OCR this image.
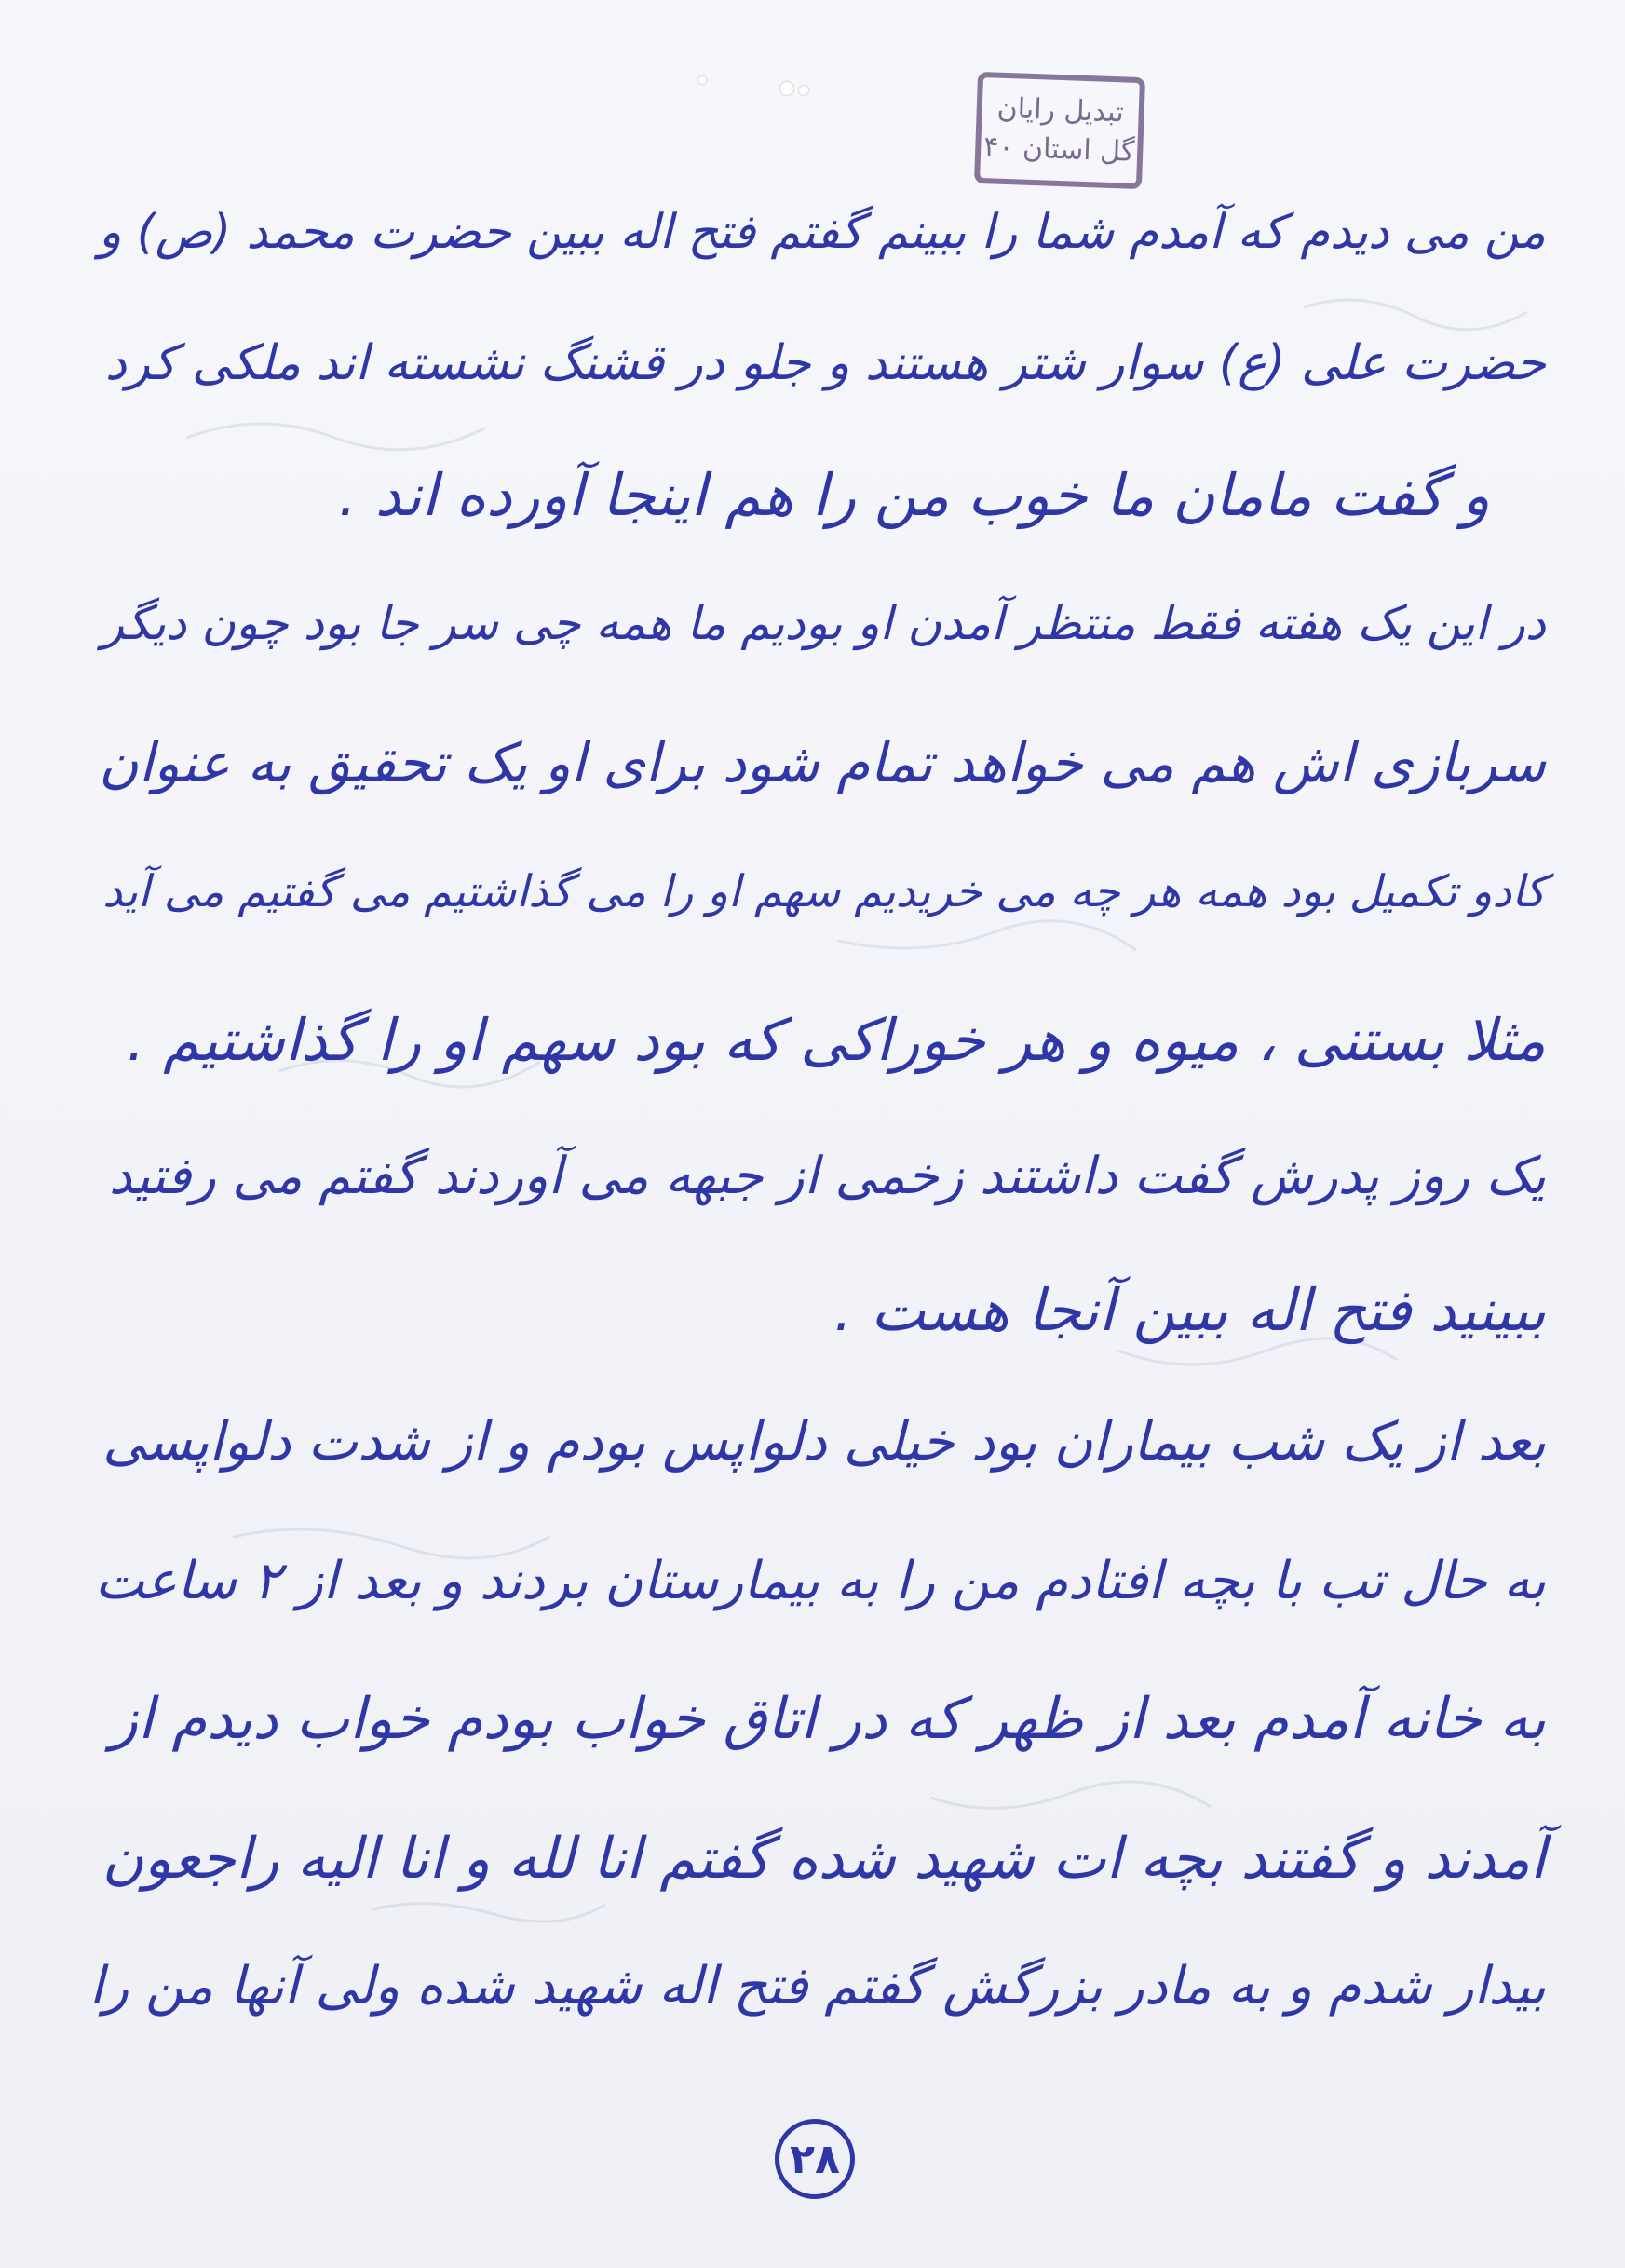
تبدیل رایان
گل استان ۴۰
من می دیدم که آمدم شما را ببینم گفتم فتح اله ببین حضرت محمد (ص) و
حضرت علی (ع) سوار شتر هستند و جلو در قشنگ نشسته اند ملکی کرد
و گفت مامان ما خوب من را هم اینجا آورده اند .
در این یک هفته فقط منتظر آمدن او بودیم ما همه چی سر جا بود چون دیگر
سربازی اش هم می خواهد تمام شود برای او یک تحقیق به عنوان
کادو تکمیل بود همه هر چه می خریدیم سهم او را می گذاشتیم می گفتیم می آید
مثلا بستنی ، میوه و هر خوراکی که بود سهم او را گذاشتیم .
یک روز پدرش گفت داشتند زخمی از جبهه می آوردند گفتم می رفتید
ببینید فتح اله ببین آنجا هست .
بعد از یک شب بیماران بود خیلی دلواپس بودم و از شدت دلواپسی
به حال تب با بچه افتادم من را به بیمارستان بردند و بعد از ۲ ساعت
به خانه آمدم بعد از ظهر که در اتاق خواب بودم خواب دیدم از
آمدند و گفتند بچه ات شهید شده گفتم انا لله و انا الیه راجعون
بیدار شدم و به مادر بزرگش گفتم فتح اله شهید شده ولی آنها من را
۲۸
